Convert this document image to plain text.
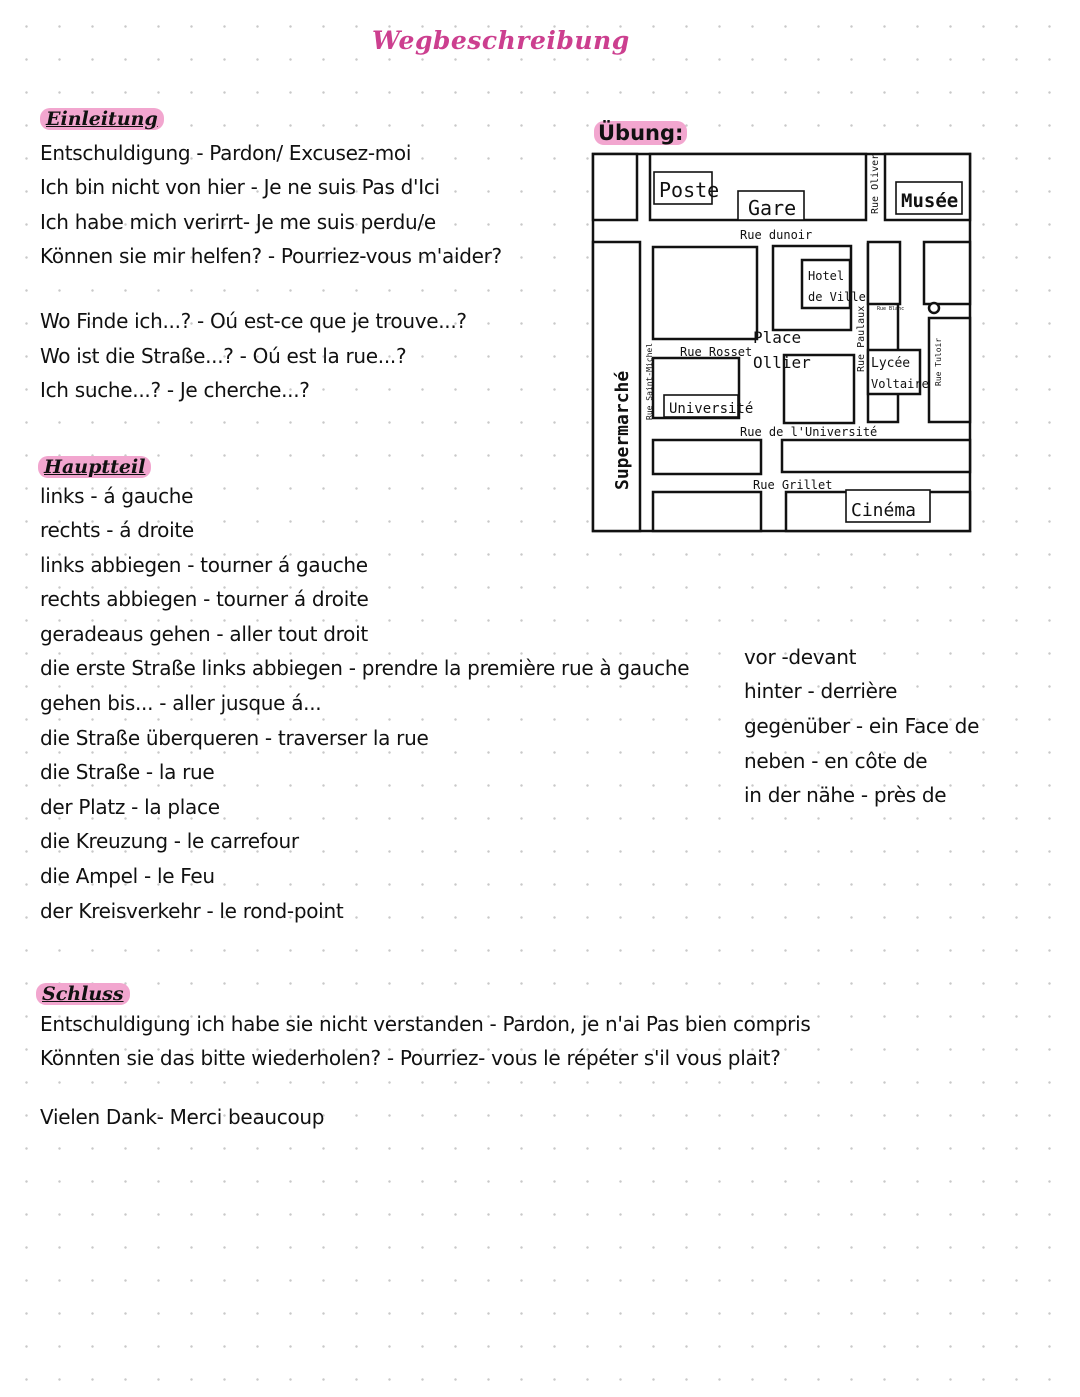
Wegbeschreibung
Einleitung
Entschuldigung - Pardon/ Excusez-moi
Ich bin nicht von hier - Je ne suis Pas d'Ici
Ich habe mich verirrt- Je me suis perdu/e
Können sie mir helfen? - Pourriez-vous m'aider?
Wo Finde ich...? - Oú est-ce que je trouve...?
Wo ist die Straße...? - Oú est la rue...?
Ich suche...? - Je cherche...?
Hauptteil
links - á gauche
rechts - á droite
links abbiegen - tourner á gauche
rechts abbiegen - tourner á droite
geradeaus gehen - aller tout droit
die erste Straße links abbiegen - prendre la première rue à gauche
gehen bis... - aller jusque á...
die Straße überqueren - traverser la rue
die Straße - la rue
der Platz - la place
die Kreuzung - le carrefour
die Ampel - le Feu
der Kreisverkehr - le rond-point
vor -devant
hinter - derrière
gegenüber - ein Face de
neben - en côte de
in der nähe - près de
Schluss
Entschuldigung ich habe sie nicht verstanden - Pardon, je n'ai Pas bien compris
Könnten sie das bitte wiederholen? - Pourriez- vous le répéter s'il vous plait?
Vielen Dank- Merci beaucoup
Übung:
Poste
Gare	Musée
Hotel
de Ville
Place
Ollier	Lycée
Voltaire
Université
Cinéma
Supermarché
Rue dunoir
Rue Oliver
Rue Rosset
Rue Saint-Michel
Rue Paulaux Rue Blanc
Rue Tuloir
Rue de l'Université
Rue Grillet
